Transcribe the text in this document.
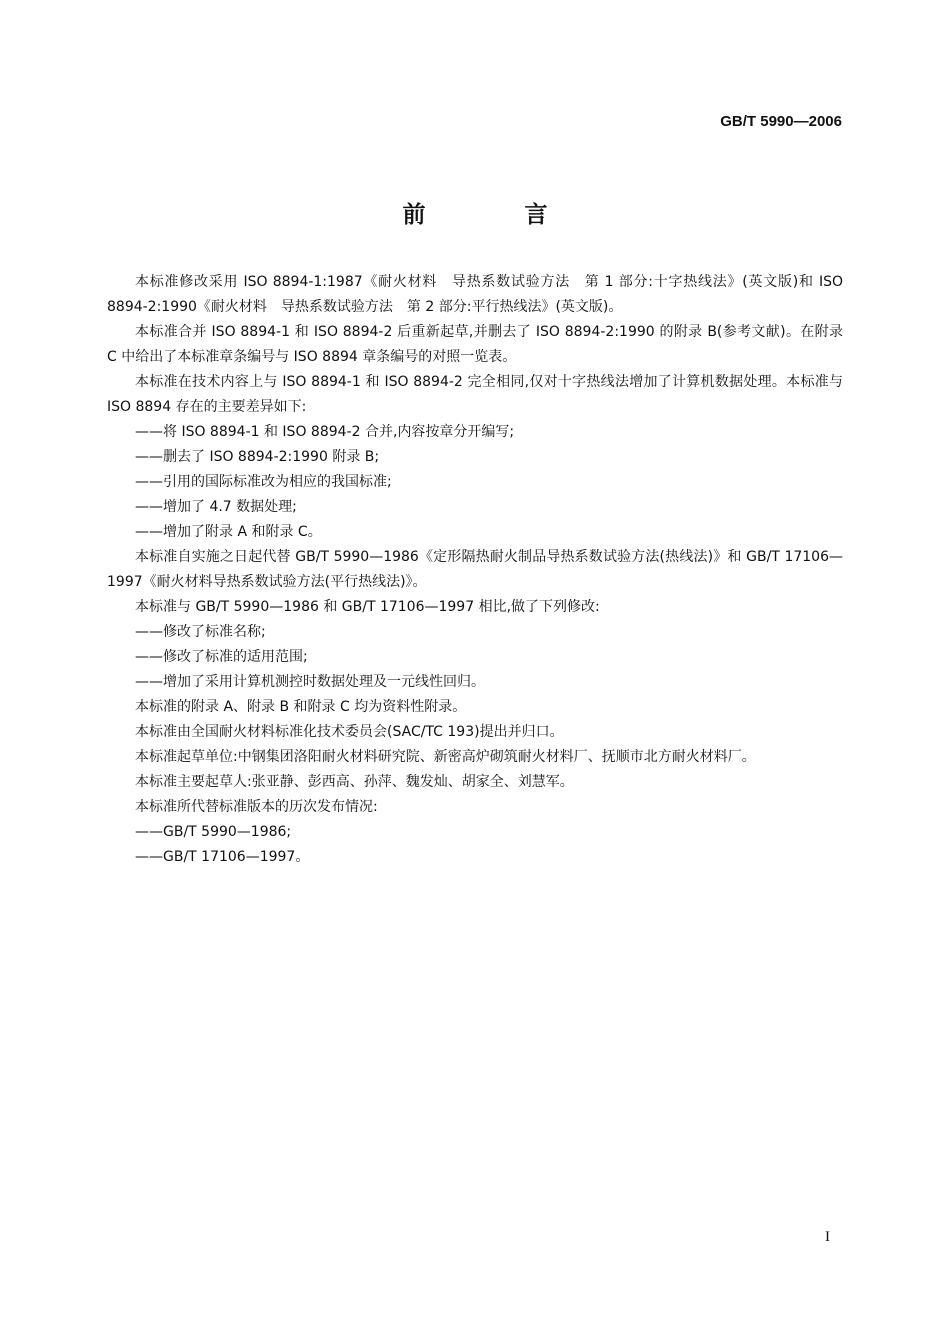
GB/T 5990—2006
前　言

本标准修改采用 ISO 8894-1:1987《耐火材料　导热系数试验方法　第 1 部分:十字热线法》(英文版)和 ISO 8894-2:1990《耐火材料　导热系数试验方法　第 2 部分:平行热线法》(英文版)。

本标准合并 ISO 8894-1 和 ISO 8894-2 后重新起草,并删去了 ISO 8894-2:1990 的附录 B(参考文献)。在附录 C 中给出了本标准章条编号与 ISO 8894 章条编号的对照一览表。

本标准在技术内容上与 ISO 8894-1 和 ISO 8894-2 完全相同,仅对十字热线法增加了计算机数据处理。本标准与 ISO 8894 存在的主要差异如下:

——将 ISO 8894-1 和 ISO 8894-2 合并,内容按章分开编写;

——删去了 ISO 8894-2:1990 附录 B;

——引用的国际标准改为相应的我国标准;

——增加了 4.7 数据处理;

——增加了附录 A 和附录 C。

本标准自实施之日起代替 GB/T 5990—1986《定形隔热耐火制品导热系数试验方法(热线法)》和 GB/T 17106—1997《耐火材料导热系数试验方法(平行热线法)》。

本标准与 GB/T 5990—1986 和 GB/T 17106—1997 相比,做了下列修改:

——修改了标准名称;

——修改了标准的适用范围;

——增加了采用计算机测控时数据处理及一元线性回归。

本标准的附录 A、附录 B 和附录 C 均为资料性附录。

本标准由全国耐火材料标准化技术委员会(SAC/TC 193)提出并归口。

本标准起草单位:中钢集团洛阳耐火材料研究院、新密高炉砌筑耐火材料厂、抚顺市北方耐火材料厂。

本标准主要起草人:张亚静、彭西高、孙萍、魏发灿、胡家全、刘慧军。

本标准所代替标准版本的历次发布情况:

——GB/T 5990—1986;

——GB/T 17106—1997。

I
